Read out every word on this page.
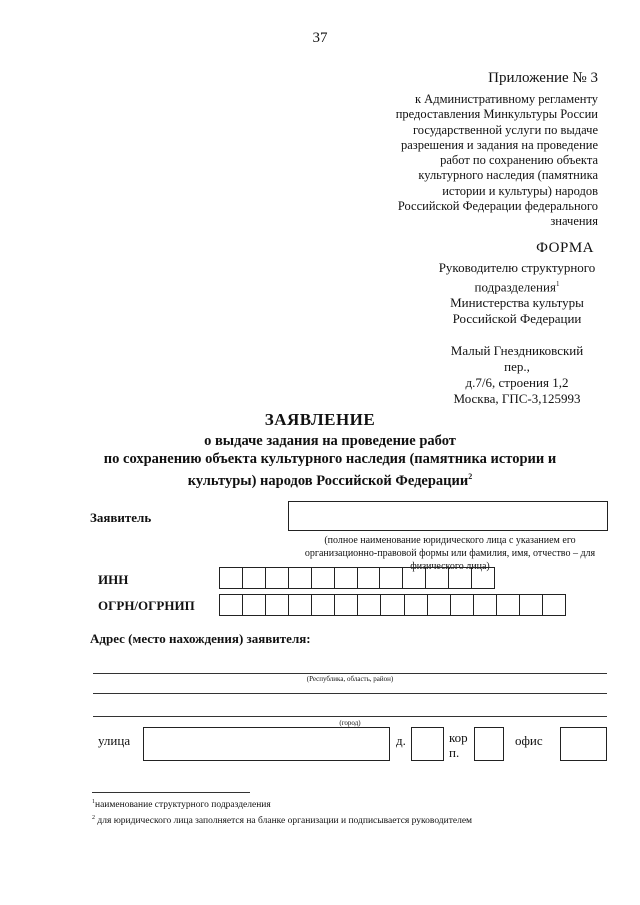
37
Приложение № 3
к Административному регламенту
предоставления Минкультуры России
государственной услуги по выдаче
разрешения и задания на проведение
работ по сохранению объекта
культурного наследия (памятника
истории и культуры) народов
Российской Федерации федерального
значения
ФОРМА
Руководителю структурного
подразделения$^1$
Министерства культуры
Российской Федерации
Малый Гнездниковский
пер.,
д.7/6, строения 1,2
Москва, ГПС-3,125993
ЗАЯВЛЕНИЕ
о выдаче задания на проведение работ
по сохранению объекта культурного наследия (памятника истории и
культуры) народов Российской Федерации$^2$
Заявитель
(полное наименование юридического лица с указанием его
организационно-правовой формы или фамилия, имя, отчество – для
физического лица)
ИНН
ОГРН/ОГРНИП
Адрес (место нахождения) заявителя:
(Республика, область, район)
(город)
улица	д.	кор
п.
офис
$^1$наименование структурного подразделения
$^2$ для юридического лица заполняется на бланке организации и подписывается руководителем
